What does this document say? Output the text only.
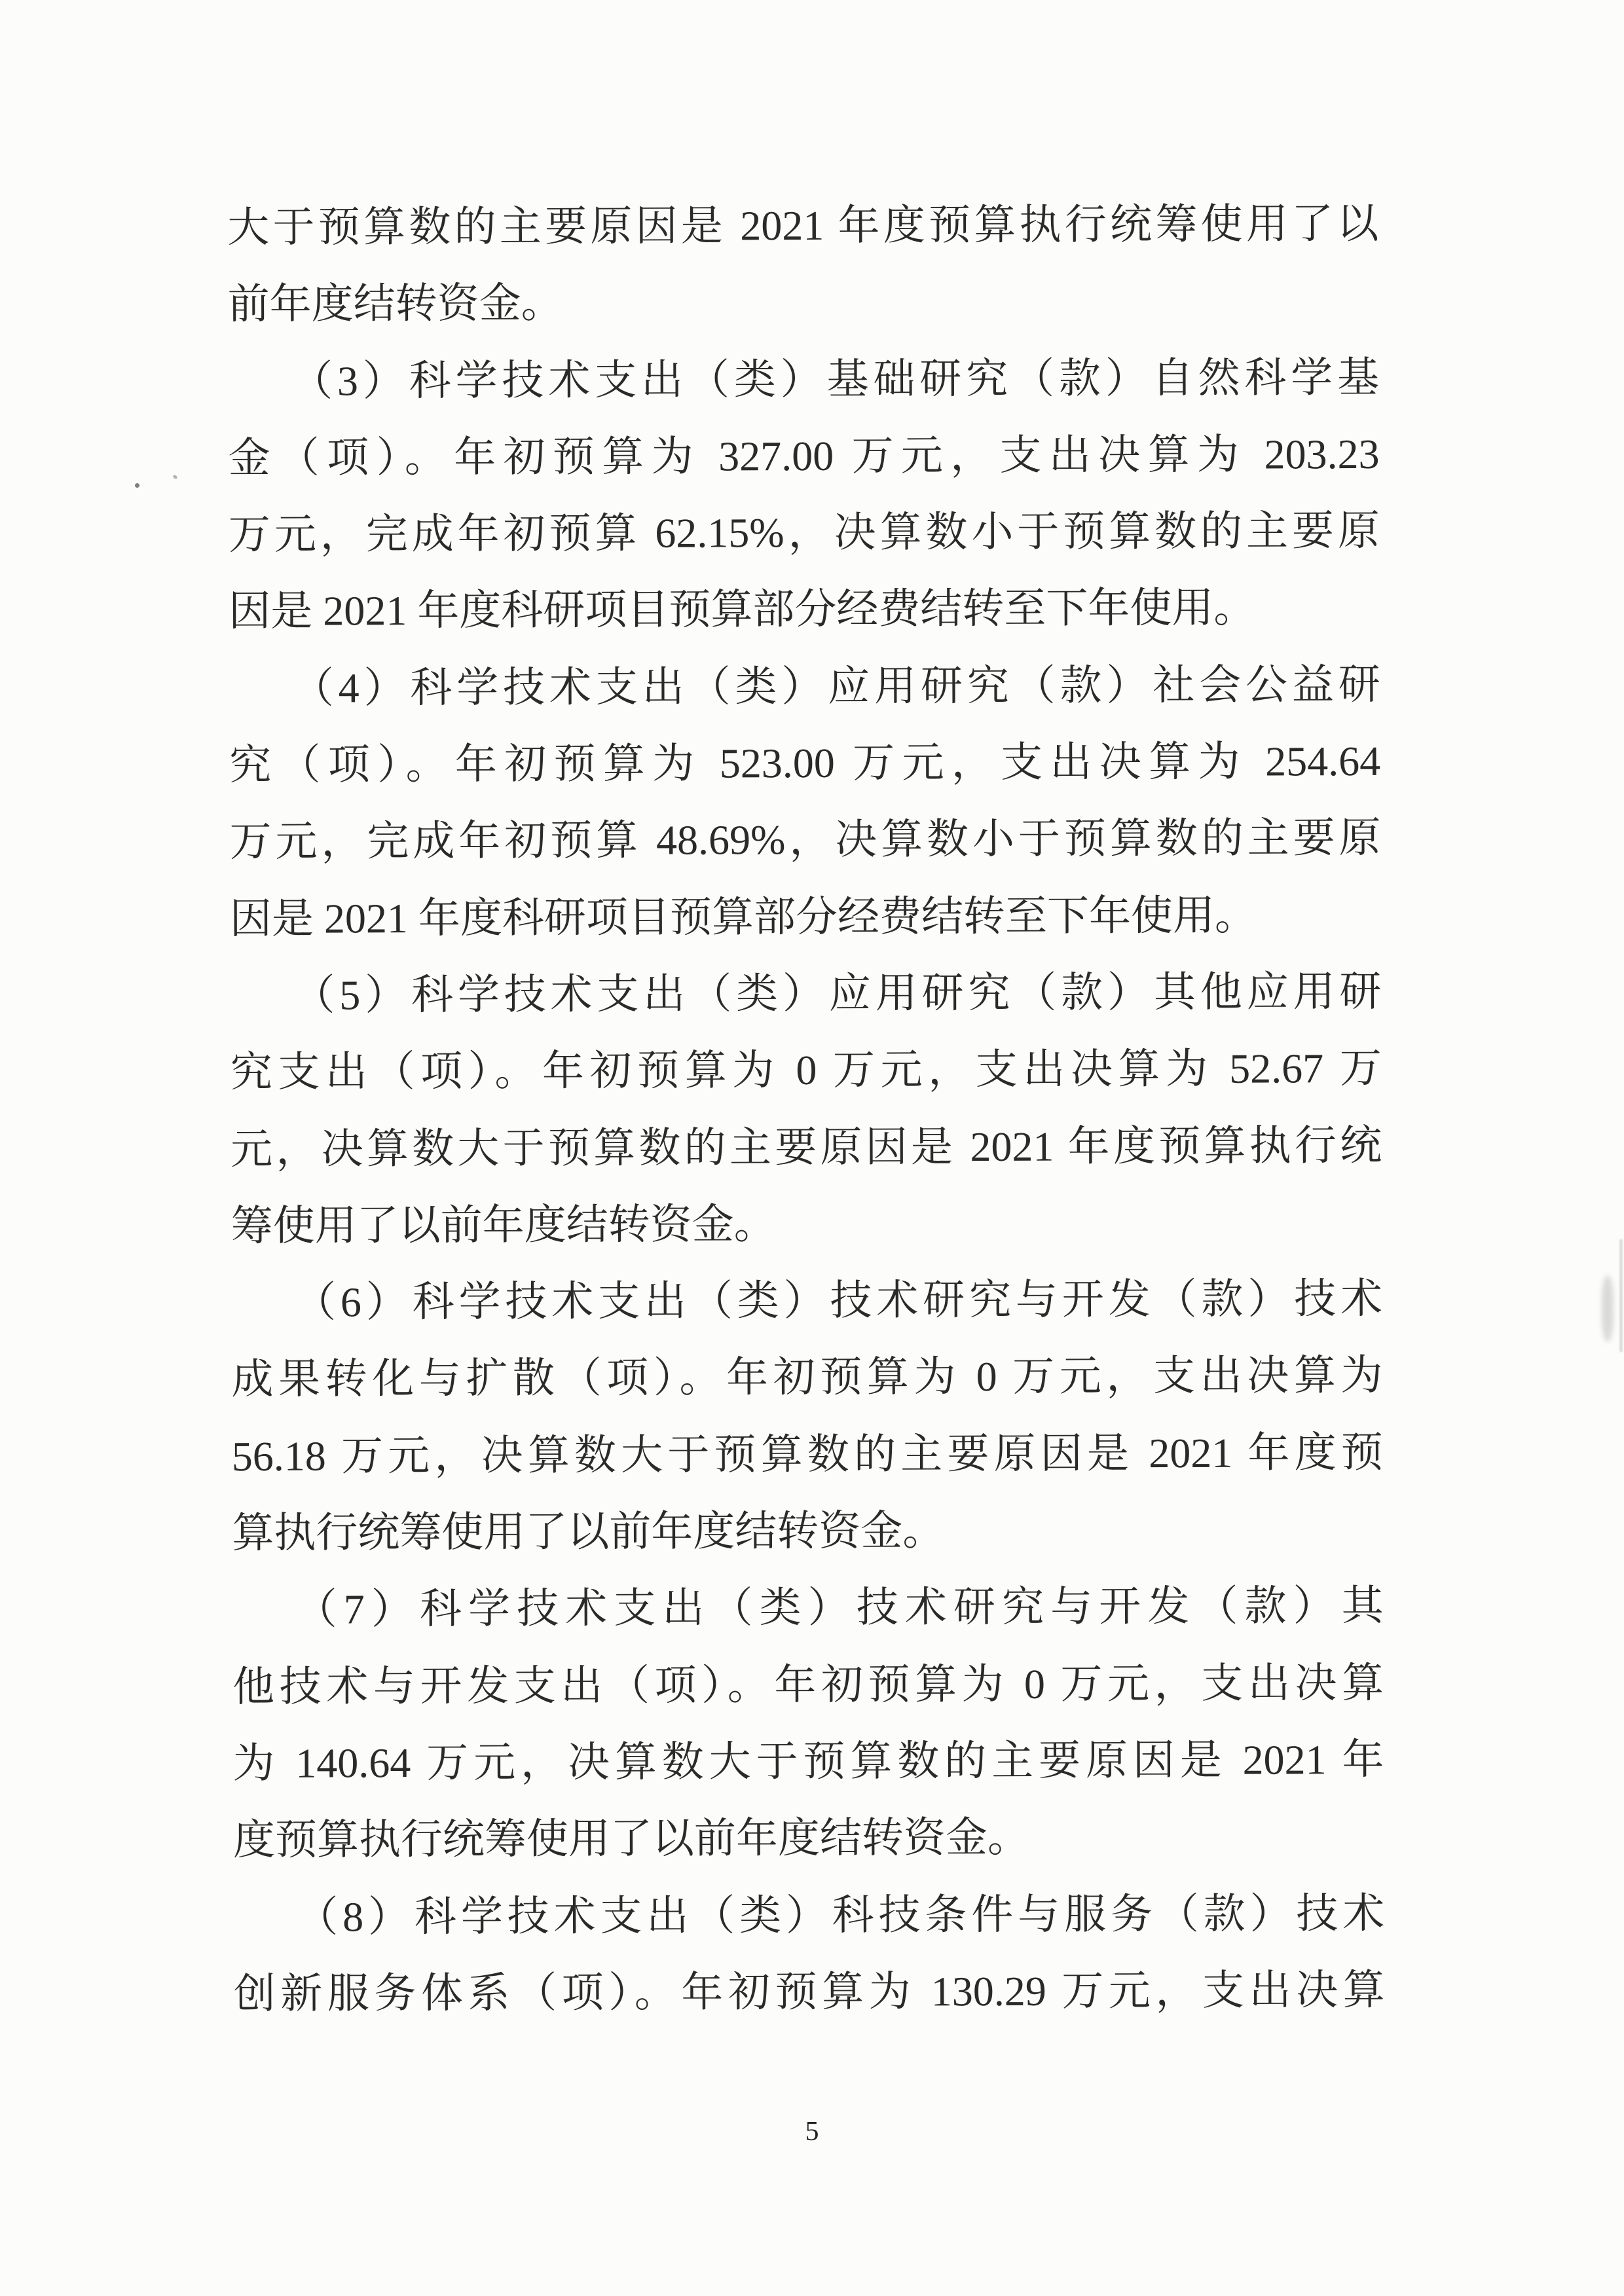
大于预算数的主要原因是 2021 年度预算执行统筹使用了以
前年度结转资金。
（3）科学技术支出（类）基础研究（款）自然科学基
金（项）。年初预算为 327.00 万元，支出决算为 203.23
万元，完成年初预算 62.15%，决算数小于预算数的主要原
因是 2021 年度科研项目预算部分经费结转至下年使用。
（4）科学技术支出（类）应用研究（款）社会公益研
究（项）。年初预算为 523.00 万元，支出决算为 254.64
万元，完成年初预算 48.69%，决算数小于预算数的主要原
因是 2021 年度科研项目预算部分经费结转至下年使用。
（5）科学技术支出（类）应用研究（款）其他应用研
究支出（项）。年初预算为 0 万元，支出决算为 52.67 万
元，决算数大于预算数的主要原因是 2021 年度预算执行统
筹使用了以前年度结转资金。
（6）科学技术支出（类）技术研究与开发（款）技术
成果转化与扩散（项）。年初预算为 0 万元，支出决算为
56.18 万元，决算数大于预算数的主要原因是 2021 年度预
算执行统筹使用了以前年度结转资金。
（7）科学技术支出（类）技术研究与开发（款）其
他技术与开发支出（项）。年初预算为 0 万元，支出决算
为 140.64 万元，决算数大于预算数的主要原因是 2021 年
度预算执行统筹使用了以前年度结转资金。
（8）科学技术支出（类）科技条件与服务（款）技术
创新服务体系（项）。年初预算为 130.29 万元，支出决算
5
